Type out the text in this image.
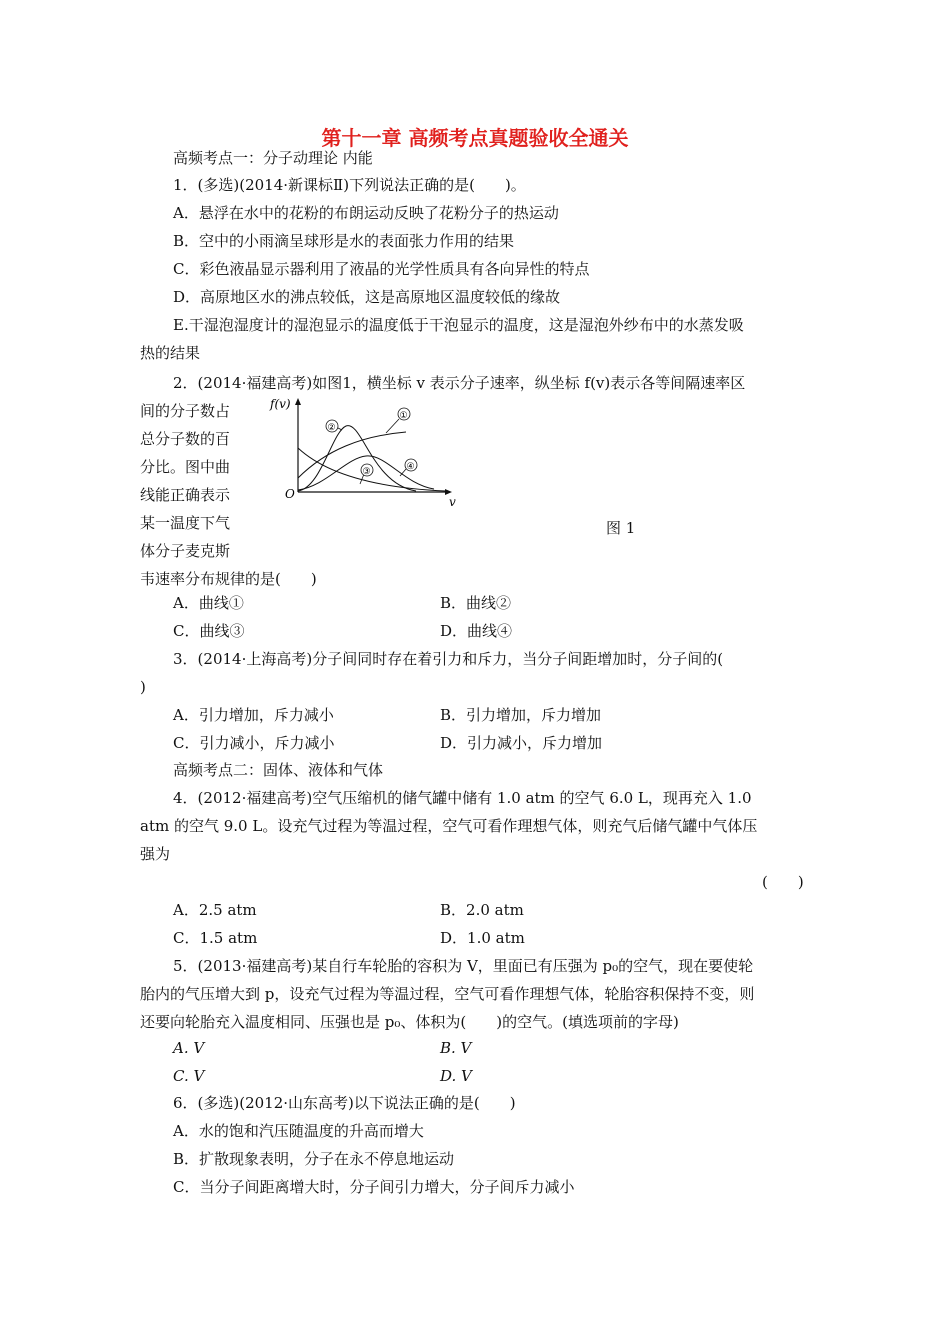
第十一章 高频考点真题验收全通关
高频考点一：分子动理论 内能
1．(多选)(2014·新课标Ⅱ)下列说法正确的是(　　)。
A．悬浮在水中的花粉的布朗运动反映了花粉分子的热运动
B．空中的小雨滴呈球形是水的表面张力作用的结果
C．彩色液晶显示器利用了液晶的光学性质具有各向异性的特点
D．高原地区水的沸点较低，这是高原地区温度较低的缘故
E.干湿泡湿度计的湿泡显示的温度低于干泡显示的温度，这是湿泡外纱布中的水蒸发吸
热的结果
2．(2014·福建高考)如图1，横坐标 v 表示分子速率，纵坐标 f(v)表示各等间隔速率区
间的分子数占
总分子数的百
分比。图中曲
线能正确表示
某一温度下气
体分子麦克斯
韦速率分布规律的是(　　)
f(v)
v
O
①
②
③	④
图 1
A．曲线①	B．曲线②
C．曲线③	D．曲线④
3．(2014·上海高考)分子间同时存在着引力和斥力，当分子间距增加时，分子间的(
)
A．引力增加，斥力减小	B．引力增加，斥力增加
C．引力减小，斥力减小	D．引力减小，斥力增加
高频考点二：固体、液体和气体
4．(2012·福建高考)空气压缩机的储气罐中储有 1.0 atm 的空气 6.0 L，现再充入 1.0
atm 的空气 9.0 L。设充气过程为等温过程，空气可看作理想气体，则充气后储气罐中气体压
强为
(　　)
A．2.5 atm	B．2.0 atm
C．1.5 atm	D．1.0 atm
5．(2013·福建高考)某自行车轮胎的容积为 V，里面已有压强为 p₀的空气，现在要使轮
胎内的气压增大到 p，设充气过程为等温过程，空气可看作理想气体，轮胎容积保持不变，则
还要向轮胎充入温度相同、压强也是 p₀、体积为(　　)的空气。(填选项前的字母)
A. V	B. V
C. V	D. V
6．(多选)(2012·山东高考)以下说法正确的是(　　)
A．水的饱和汽压随温度的升高而增大
B．扩散现象表明，分子在永不停息地运动
C．当分子间距离增大时，分子间引力增大，分子间斥力减小
